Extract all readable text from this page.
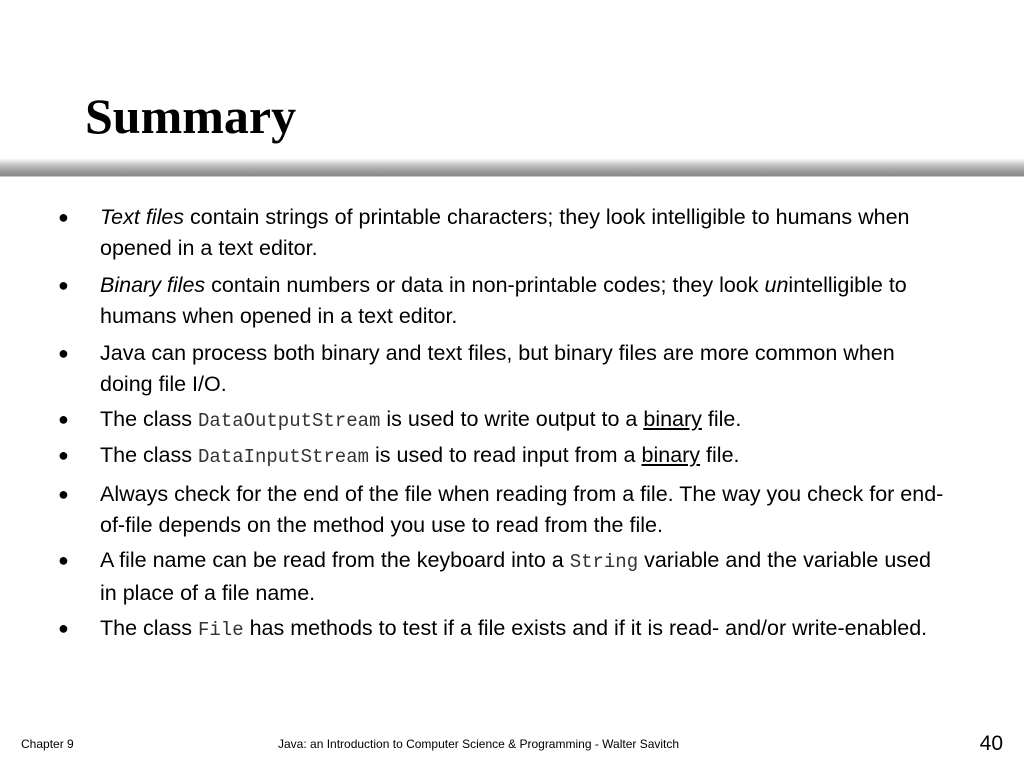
Summary
●	Text files contain strings of printable characters; they look intelligible to humans when opened in a text editor.
●	Binary files contain numbers or data in non-printable codes; they look unintelligible to humans when opened in a text editor.
●	Java can process both binary and text files, but binary files are more common when doing file I/O.
●	The class DataOutputStream is used to write output to a binary file.
●	The class DataInputStream is used to read input from a binary file.
●	Always check for the end of the file when reading from a file. The way you check for end-of-file depends on the method you use to read from the file.
●	A file name can be read from the keyboard into a String variable and the variable used in place of a file name.
●	The class File has methods to test if a file exists and if it is read- and/or write-enabled.
Chapter 9	Java: an Introduction to Computer Science & Programming - Walter Savitch	40
